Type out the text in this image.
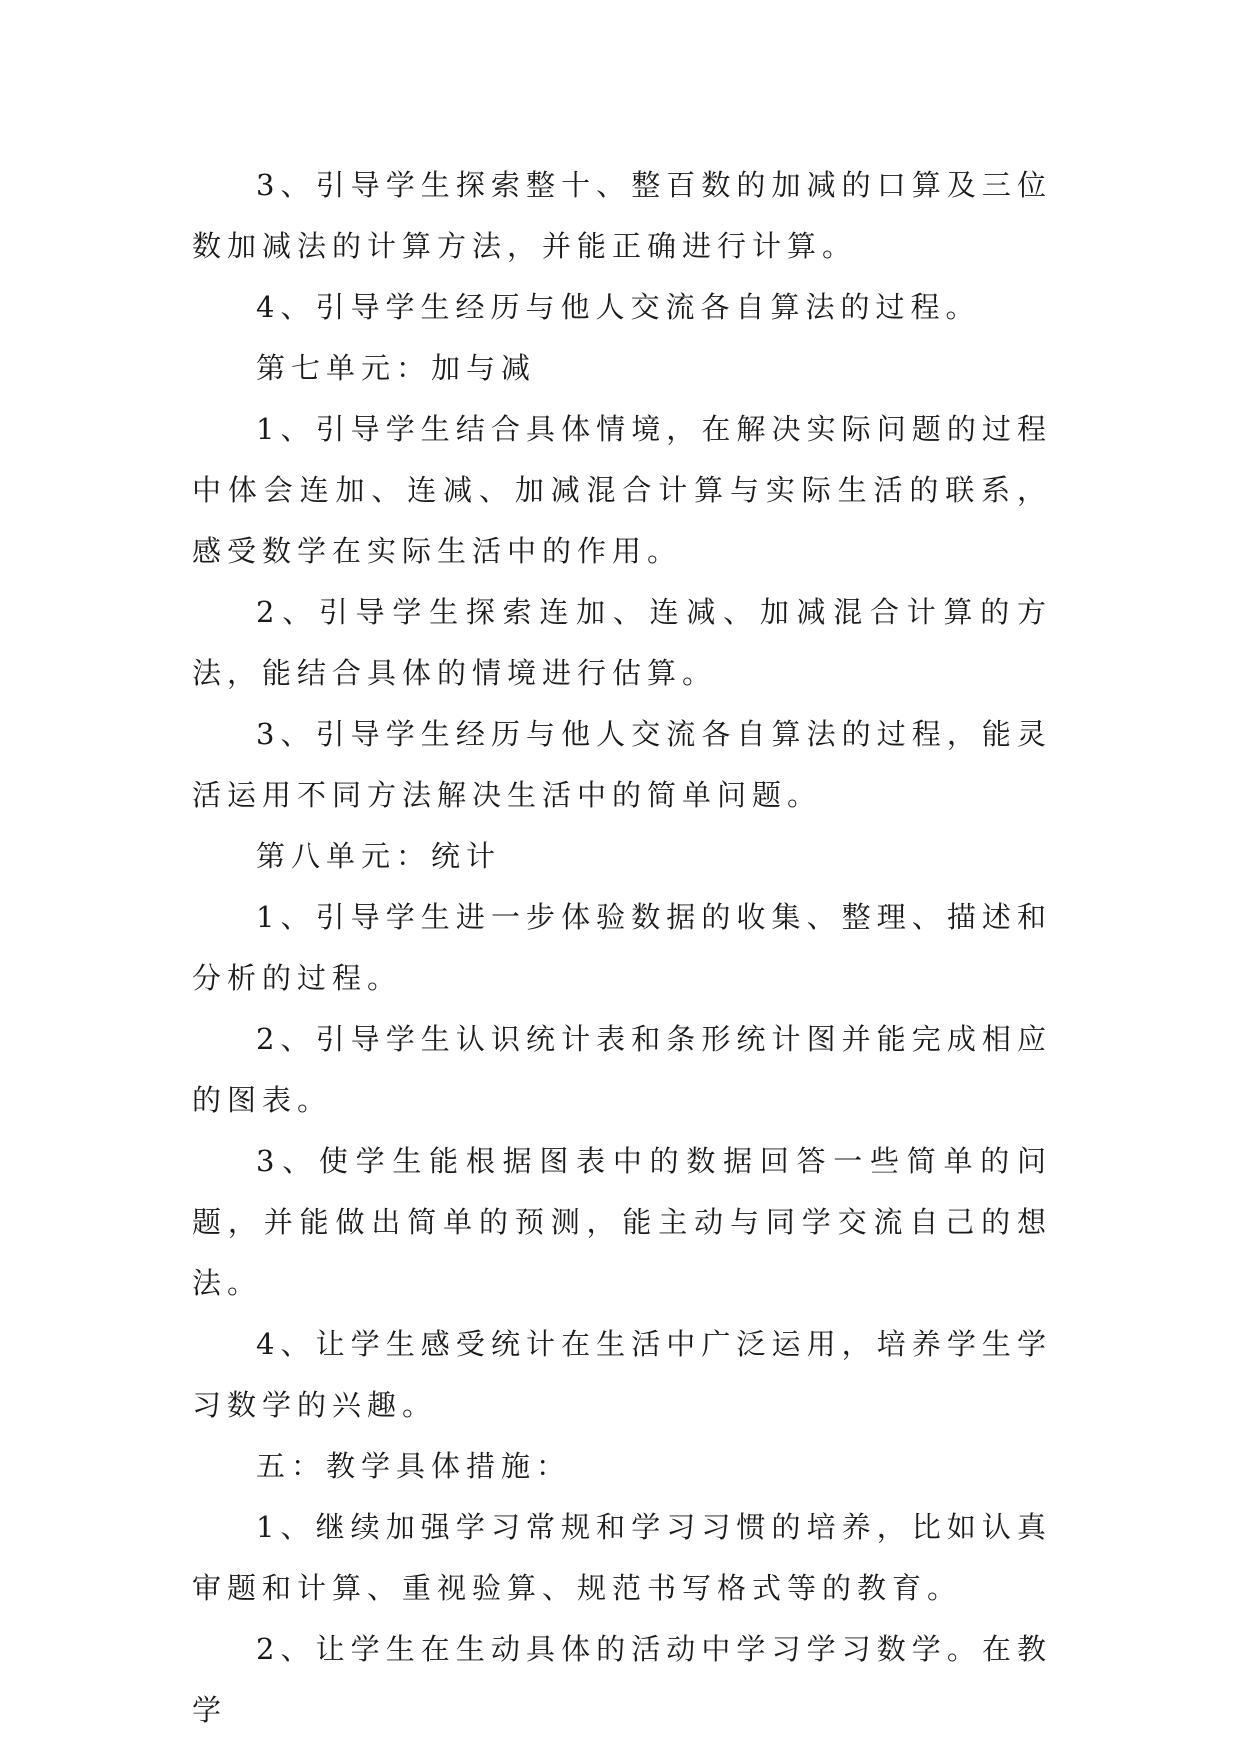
3、引导学生探索整十、整百数的加减的口算及三位数加减法的计算方法，并能正确进行计算。

4、引导学生经历与他人交流各自算法的过程。

第七单元：加与减

1、引导学生结合具体情境，在解决实际问题的过程中体会连加、连减、加减混合计算与实际生活的联系，感受数学在实际生活中的作用。

2、引导学生探索连加、连减、加减混合计算的方法，能结合具体的情境进行估算。

3、引导学生经历与他人交流各自算法的过程，能灵活运用不同方法解决生活中的简单问题。

第八单元：统计

1、引导学生进一步体验数据的收集、整理、描述和分析的过程。

2、引导学生认识统计表和条形统计图并能完成相应的图表。

3、使学生能根据图表中的数据回答一些简单的问题，并能做出简单的预测，能主动与同学交流自己的想法。

4、让学生感受统计在生活中广泛运用，培养学生学习数学的兴趣。

五：教学具体措施：

1、继续加强学习常规和学习习惯的培养，比如认真审题和计算、重视验算、规范书写格式等的教育。

2、让学生在生动具体的活动中学习学习数学。在教学
